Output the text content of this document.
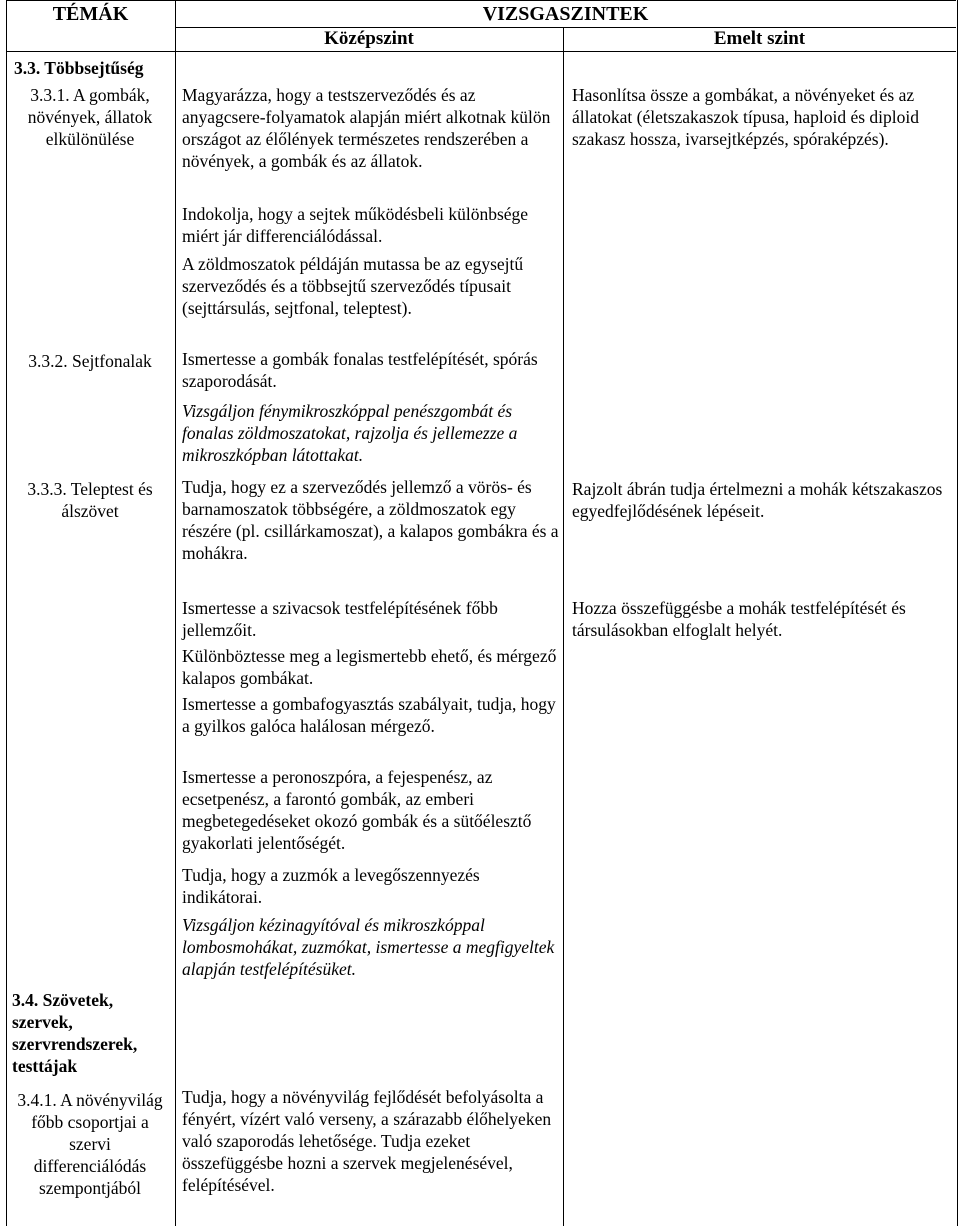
TÉMÁK	VIZSGASZINTEK
Középszint	Emelt szint
3.3. Többsejtűség
3.3.1. A gombák, növények, állatok elkülönülése
3.3.2. Sejtfonalak
3.3.3. Teleptest és álszövet
3.4. Szövetek, szervek, szervrendszerek, testtájak
3.4.1. A növényvilág főbb csoportjai a szervi differenciálódás szempontjából
Magyarázza, hogy a testszerveződés és az anyagcsere-folyamatok alapján miért alkotnak külön országot az élőlények természetes rendszerében a növények, a gombák és az állatok.
Indokolja, hogy a sejtek működésbeli különbsége miért jár differenciálódással.
A zöldmoszatok példáján mutassa be az egysejtű szerveződés és a többsejtű szerveződés típusait (sejttársulás, sejtfonal, teleptest).
Ismertesse a gombák fonalas testfelépítését, spórás szaporodását.
Vizsgáljon fénymikroszkóppal penészgombát és fonalas zöldmoszatokat, rajzolja és jellemezze a mikroszkópban látottakat.
Tudja, hogy ez a szerveződés jellemző a vörös- és barnamoszatok többségére, a zöldmoszatok egy részére (pl. csillárkamoszat), a kalapos gombákra és a mohákra.
Ismertesse a szivacsok testfelépítésének főbb jellemzőit.
Különböztesse meg a legismertebb ehető, és mérgező kalapos gombákat.
Ismertesse a gombafogyasztás szabályait, tudja, hogy a gyilkos galóca halálosan mérgező.
Ismertesse a peronoszpóra, a fejespenész, az ecsetpenész, a farontó gombák, az emberi megbetegedéseket okozó gombák és a sütőélesztő gyakorlati jelentőségét.
Tudja, hogy a zuzmók a levegőszennyezés indikátorai.
Vizsgáljon kézinagyítóval és mikroszkóppal lombosmohákat, zuzmókat, ismertesse a megfigyeltek alapján testfelépítésüket.
Tudja, hogy a növényvilág fejlődését befolyásolta a fényért, vízért való verseny, a szárazabb élőhelyeken való szaporodás lehetősége. Tudja ezeket összefüggésbe hozni a szervek megjelenésével, felépítésével.
Hasonlítsa össze a gombákat, a növényeket és az állatokat (életszakaszok típusa, haploid és diploid szakasz hossza, ivarsejtképzés, spóraképzés).
Rajzolt ábrán tudja értelmezni a mohák kétszakaszos egyedfejlődésének lépéseit.
Hozza összefüggésbe a mohák testfelépítését és társulásokban elfoglalt helyét.
